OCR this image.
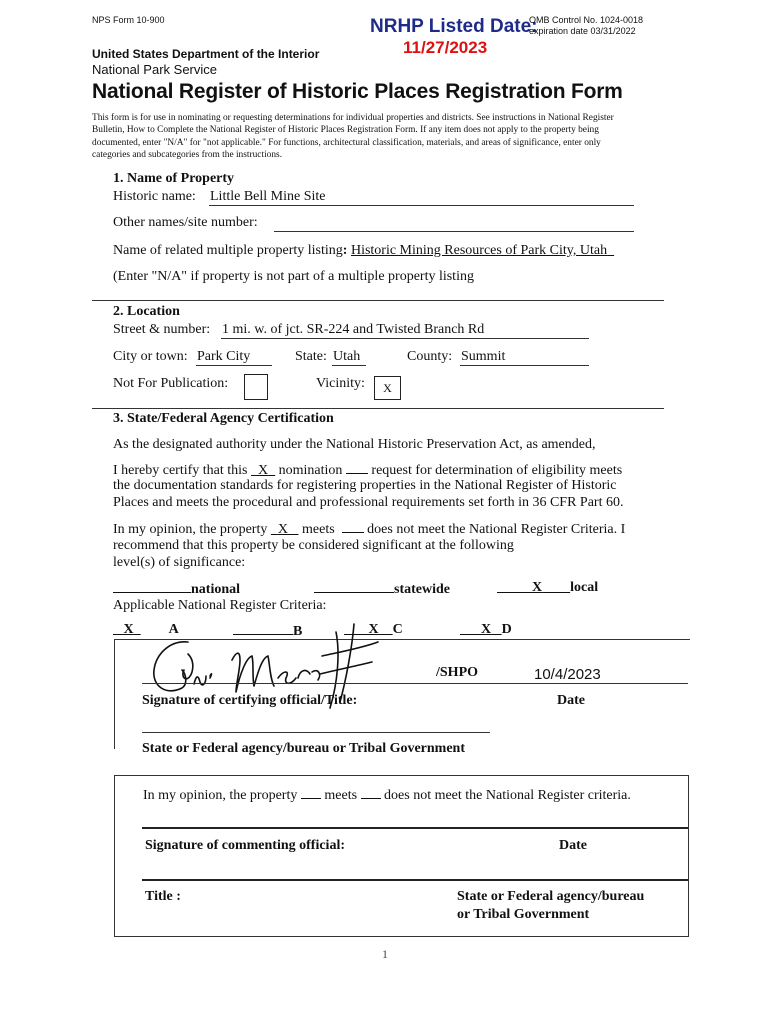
NPS Form 10-900	NRHP Listed Date:
OMB Control No. 1024-0018
expiration date 03/31/2022
11/27/2023
United States Department of the Interior
National Park Service
National Register of Historic Places Registration Form
This form is for use in nominating or requesting determinations for individual properties and districts. See instructions in National Register
Bulletin, How to Complete the National Register of Historic Places Registration Form. If any item does not apply to the property being
documented, enter "N/A" for "not applicable." For functions, architectural classification, materials, and areas of significance, enter only
categories and subcategories from the instructions.
1. Name of Property
Historic name: Little Bell Mine Site
Other names/site number:
Name of related multiple property listing: Historic Mining Resources of Park City, Utah
(Enter "N/A" if property is not part of a multiple property listing
2. Location
Street & number: 1 mi. w. of jct. SR-224 and Twisted Branch Rd
City or town: Park City	State: Utah	County: Summit
Not For Publication:	Vicinity:	X
3. State/Federal Agency Certification
As the designated authority under the National Historic Preservation Act, as amended,
I hereby certify that this X nomination request for determination of eligibility meets
the documentation standards for registering properties in the National Register of Historic
Places and meets the procedural and professional requirements set forth in 36 CFR Part 60.
In my opinion, the property X meets does not meet the National Register Criteria. I
recommend that this property be considered significant at the following
level(s) of significance:
national	statewide	X local
Applicable National Register Criteria:
X	A	B	X C	X D
/SHPO	10/4/2023
Signature of certifying official/Title:	Date
State or Federal agency/bureau or Tribal Government
In my opinion, the property meets does not meet the National Register criteria.
Signature of commenting official:	Date
Title :	State or Federal agency/bureau
or Tribal Government
1
